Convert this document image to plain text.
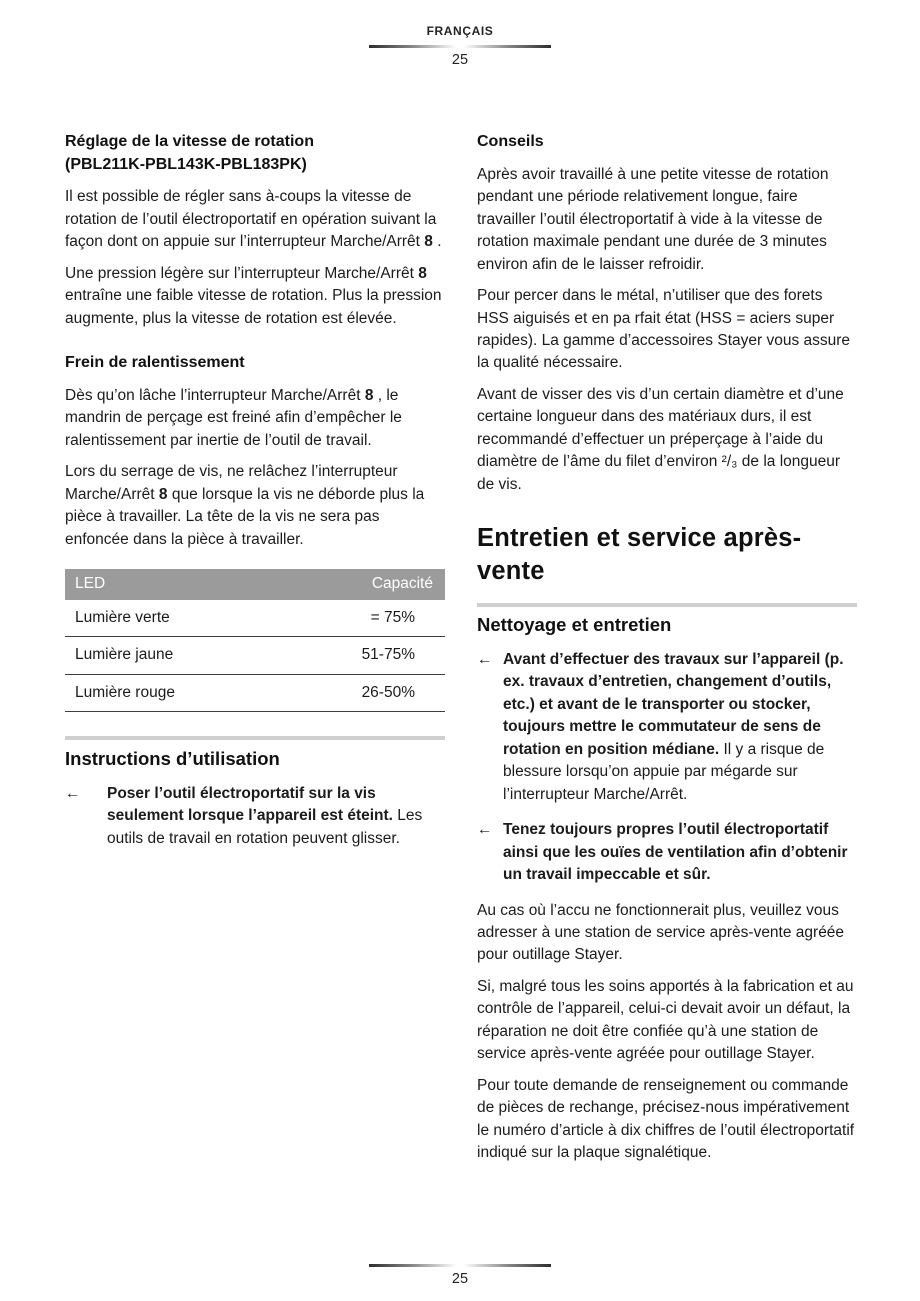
FRANÇAIS
25
Réglage de la vitesse de rotation
(PBL211K-PBL143K-PBL183PK)

Il est possible de régler sans à-coups la vitesse de rotation de l’outil électroportatif en opération suivant la façon dont on appuie sur l’interrupteur Marche/Arrêt 8 .

Une pression légère sur l’interrupteur Marche/Arrêt 8 entraîne une faible vitesse de rotation. Plus la pression augmente, plus la vitesse de rotation est élevée.

Frein de ralentissement

Dès qu’on lâche l’interrupteur Marche/Arrêt 8 , le mandrin de perçage est freiné afin d’empêcher le ralentissement par inertie de l’outil de travail.

Lors du serrage de vis, ne relâchez l’interrupteur Marche/Arrêt 8 que lorsque la vis ne déborde plus la pièce à travailler. La tête de la vis ne sera pas enfoncée dans la pièce à travailler.

LED	Capacité
Lumière verte	= 75%
Lumière jaune	51-75%
Lumière rouge	26-50%
Instructions d’utilisation
←	Poser l’outil électroportatif sur la vis seulement lorsque l’appareil est éteint. Les outils de travail en rotation peuvent glisser.
Conseils

Après avoir travaillé à une petite vitesse de rotation pendant une période relativement longue, faire travailler l’outil électroportatif à vide à la vitesse de rotation maximale pendant une durée de 3 minutes environ afin de le laisser refroidir.

Pour percer dans le métal, n’utiliser que des forets HSS aiguisés et en pa rfait état (HSS = aciers super rapides). La gamme d’accessoires Stayer vous assure la qualité nécessaire.

Avant de visser des vis d’un certain diamètre et d’une certaine longueur dans des matériaux durs, il est recommandé d’effectuer un préperçage à l’aide du diamètre de l’âme du filet d’environ ²/₃ de la longueur de vis.

Entretien et service après-vente
Nettoyage et entretien
← Avant d’effectuer des travaux sur l’appareil (p. ex. travaux d’entretien, changement d’outils, etc.) et avant de le transporter ou stocker, toujours mettre le commutateur de sens de rotation en position médiane. Il y a risque de blessure lorsqu’on appuie par mégarde sur l’interrupteur Marche/Arrêt.
← Tenez toujours propres l’outil électroportatif ainsi que les ouïes de ventilation afin d’obtenir un travail impeccable et sûr.

Au cas où l’accu ne fonctionnerait plus, veuillez vous adresser à une station de service après-vente agréée pour outillage Stayer.

Si, malgré tous les soins apportés à la fabrication et au contrôle de l’appareil, celui-ci devait avoir un défaut, la réparation ne doit être confiée qu’à une station de service après-vente agréée pour outillage Stayer.

Pour toute demande de renseignement ou commande de pièces de rechange, précisez-nous impérativement le numéro d’article à dix chiffres de l’outil électroportatif indiqué sur la plaque signalétique.

25
